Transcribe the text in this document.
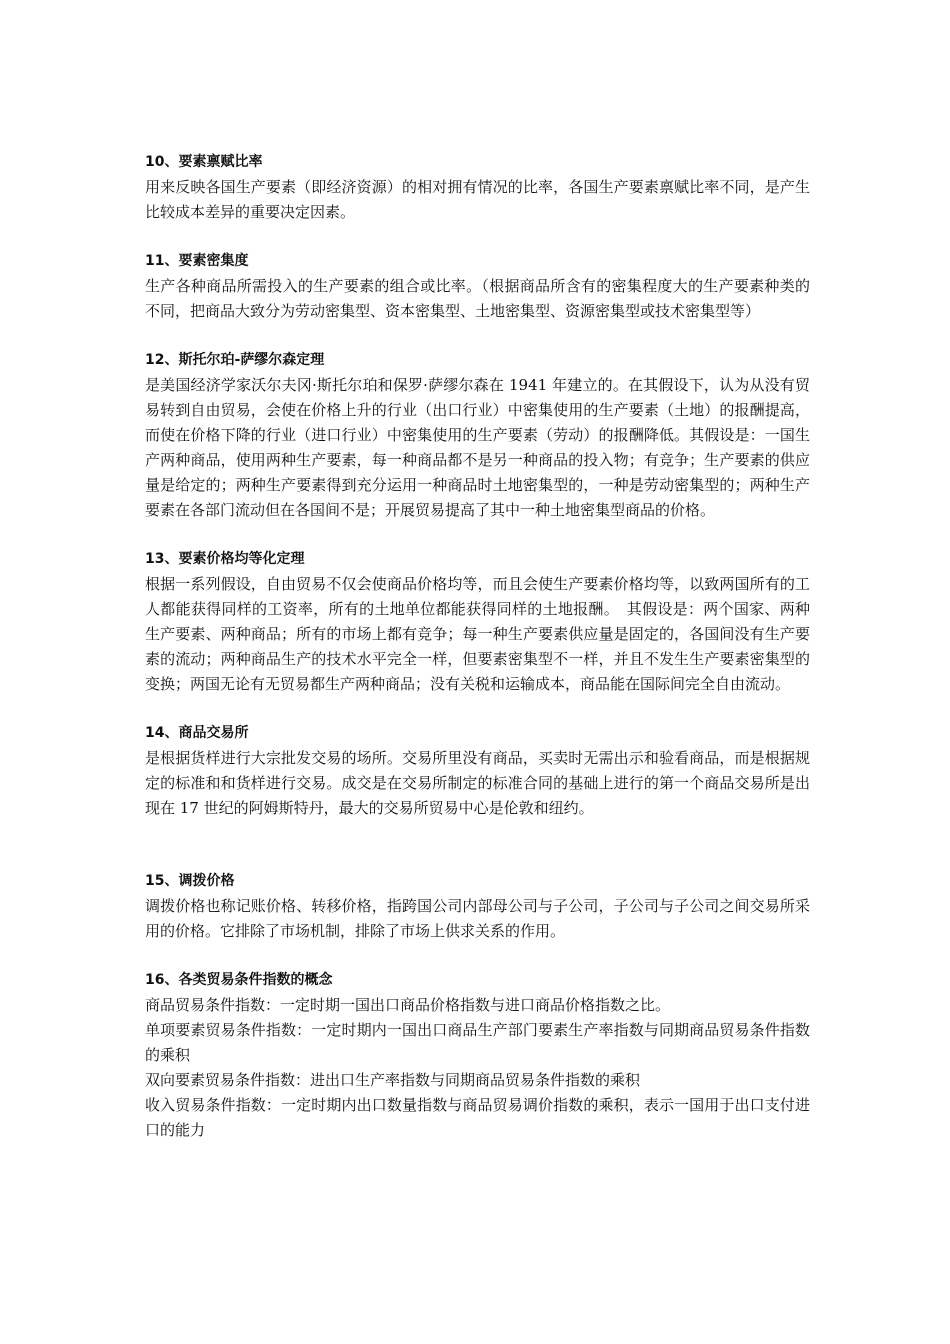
10、要素禀赋比率

用来反映各国生产要素（即经济资源）的相对拥有情况的比率，各国生产要素禀赋比率不同，是产生比较成本差异的重要决定因素。

11、要素密集度

生产各种商品所需投入的生产要素的组合或比率。（根据商品所含有的密集程度大的生产要素种类的不同，把商品大致分为劳动密集型、资本密集型、土地密集型、资源密集型或技术密集型等）

12、斯托尔珀-萨缪尔森定理

是美国经济学家沃尔夫冈·斯托尔珀和保罗·萨缪尔森在 1941 年建立的。在其假设下，认为从没有贸易转到自由贸易，会使在价格上升的行业（出口行业）中密集使用的生产要素（土地）的报酬提高，而使在价格下降的行业（进口行业）中密集使用的生产要素（劳动）的报酬降低。其假设是：一国生产两种商品，使用两种生产要素，每一种商品都不是另一种商品的投入物；有竞争；生产要素的供应量是给定的；两种生产要素得到充分运用一种商品时土地密集型的，一种是劳动密集型的；两种生产要素在各部门流动但在各国间不是；开展贸易提高了其中一种土地密集型商品的价格。

13、要素价格均等化定理

根据一系列假设，自由贸易不仅会使商品价格均等，而且会使生产要素价格均等，以致两国所有的工人都能获得同样的工资率，所有的土地单位都能获得同样的土地报酬。　其假设是：两个国家、两种生产要素、两种商品；所有的市场上都有竞争；每一种生产要素供应量是固定的，各国间没有生产要素的流动；两种商品生产的技术水平完全一样，但要素密集型不一样，并且不发生生产要素密集型的变换；两国无论有无贸易都生产两种商品；没有关税和运输成本，商品能在国际间完全自由流动。

14、商品交易所

是根据货样进行大宗批发交易的场所。交易所里没有商品，买卖时无需出示和验看商品，而是根据规定的标准和和货样进行交易。成交是在交易所制定的标准合同的基础上进行的第一个商品交易所是出现在 17 世纪的阿姆斯特丹，最大的交易所贸易中心是伦敦和纽约。

15、调拨价格

调拨价格也称记账价格、转移价格，指跨国公司内部母公司与子公司，子公司与子公司之间交易所采用的价格。它排除了市场机制，排除了市场上供求关系的作用。

16、各类贸易条件指数的概念

商品贸易条件指数：一定时期一国出口商品价格指数与进口商品价格指数之比。

单项要素贸易条件指数：一定时期内一国出口商品生产部门要素生产率指数与同期商品贸易条件指数的乘积

双向要素贸易条件指数：进出口生产率指数与同期商品贸易条件指数的乘积

收入贸易条件指数：一定时期内出口数量指数与商品贸易调价指数的乘积，表示一国用于出口支付进口的能力
